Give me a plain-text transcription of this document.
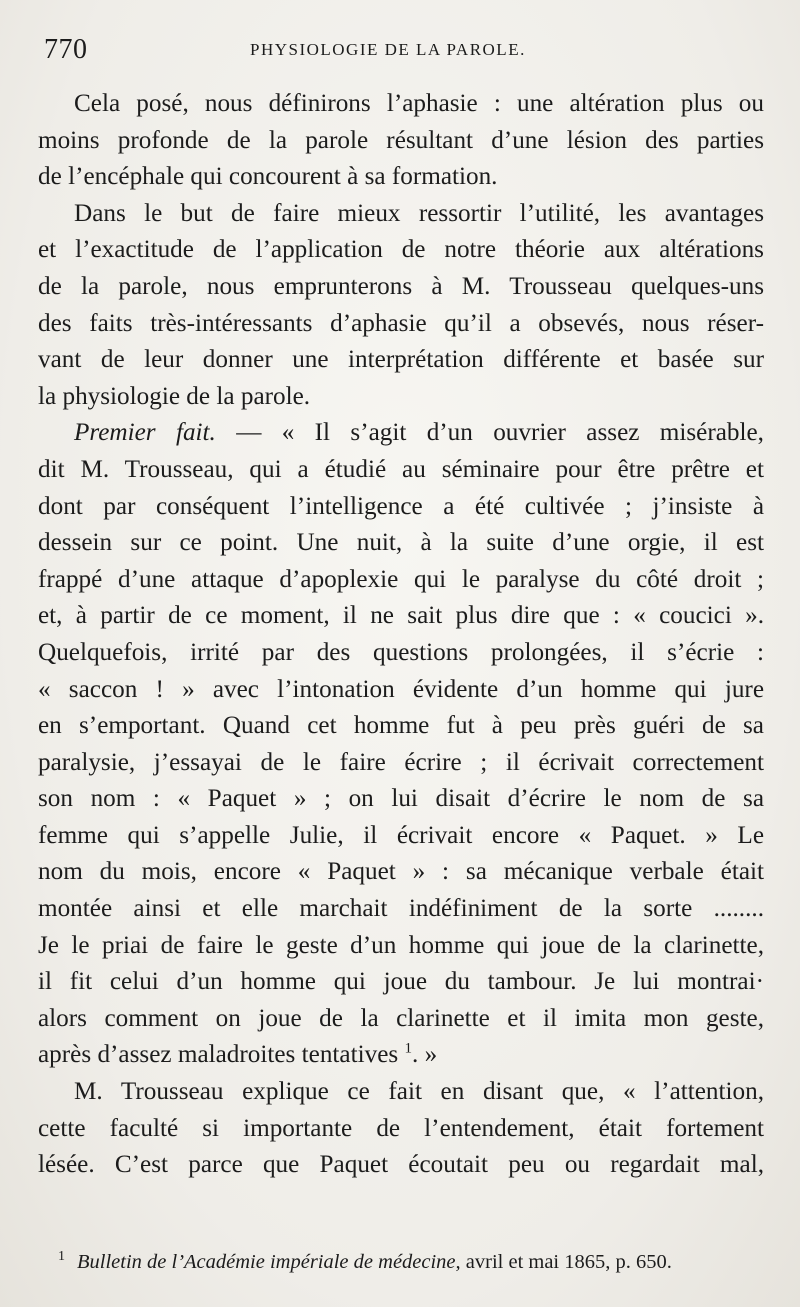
770	PHYSIOLOGIE DE LA PAROLE.

Cela posé, nous définirons l’aphasie : une altération plus ou

moins profonde de la parole résultant d’une lésion des parties

de l’encéphale qui concourent à sa formation.

Dans le but de faire mieux ressortir l’utilité, les avantages

et l’exactitude de l’application de notre théorie aux altérations

de la parole, nous emprunterons à M. Trousseau quelques-uns

des faits très-intéressants d’aphasie qu’il a obsevés, nous réser-

vant de leur donner une interprétation différente et basée sur

la physiologie de la parole.

Premier fait. — « Il s’agit d’un ouvrier assez misérable,

dit M. Trousseau, qui a étudié au séminaire pour être prêtre et

dont par conséquent l’intelligence a été cultivée ; j’insiste à

dessein sur ce point. Une nuit, à la suite d’une orgie, il est

frappé d’une attaque d’apoplexie qui le paralyse du côté droit ;

et, à partir de ce moment, il ne sait plus dire que : « coucici ».

Quelquefois, irrité par des questions prolongées, il s’écrie :

« saccon ! » avec l’intonation évidente d’un homme qui jure

en s’emportant. Quand cet homme fut à peu près guéri de sa

paralysie, j’essayai de le faire écrire ; il écrivait correctement

son nom : « Paquet » ; on lui disait d’écrire le nom de sa

femme qui s’appelle Julie, il écrivait encore « Paquet. » Le

nom du mois, encore « Paquet » : sa mécanique verbale était

montée ainsi et elle marchait indéfiniment de la sorte ........

Je le priai de faire le geste d’un homme qui joue de la clarinette,

il fit celui d’un homme qui joue du tambour. Je lui montrai·

alors comment on joue de la clarinette et il imita mon geste,

après d’assez maladroites tentatives $^1$. »

M. Trousseau explique ce fait en disant que, « l’attention,

cette faculté si importante de l’entendement, était fortement

lésée. C’est parce que Paquet écoutait peu ou regardait mal,

$^1$ Bulletin de l’Académie impériale de médecine, avril et mai 1865, p. 650.
